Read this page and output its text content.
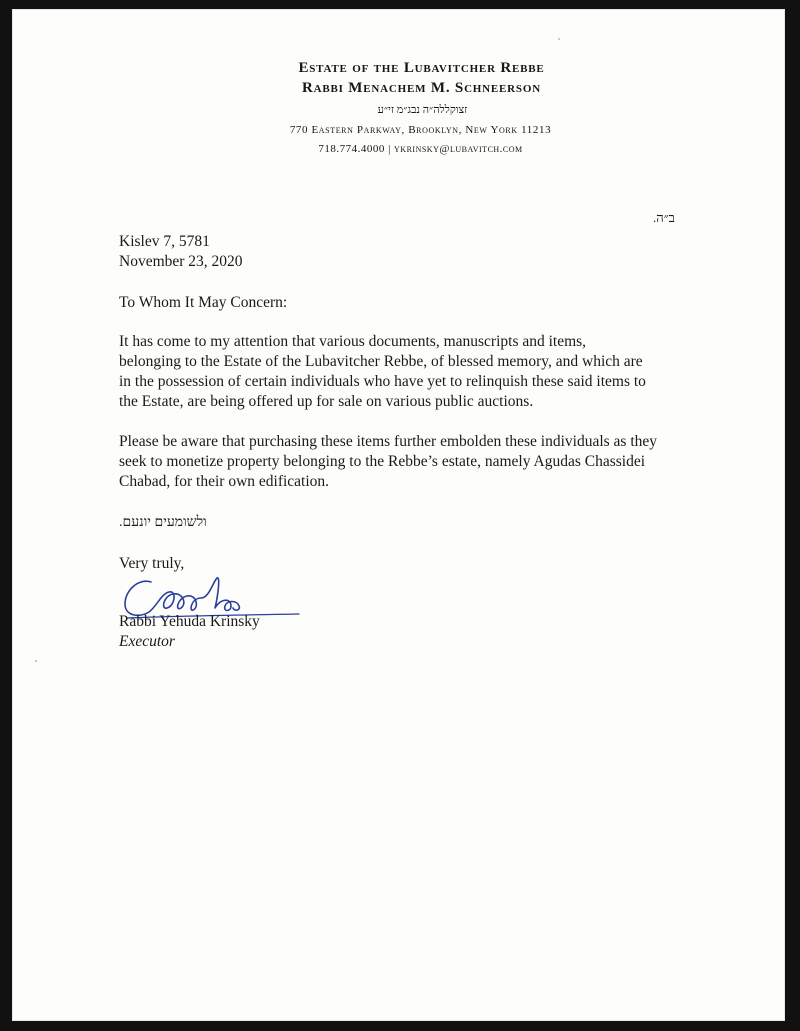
Estate of the Lubavitcher Rebbe
Rabbi Menachem M. Schneerson
זצוקללה״ה נבג״מ זי״ע
770 Eastern Parkway, Brooklyn, New York 11213
718.774.4000 | ykrinsky@lubavitch.com
ב״ה.
Kislev 7, 5781
November 23, 2020
To Whom It May Concern:
It has come to my attention that various documents, manuscripts and items,
belonging to the Estate of the Lubavitcher Rebbe, of blessed memory, and which are
in the possession of certain individuals who have yet to relinquish these said items to
the Estate, are being offered up for sale on various public auctions.
Please be aware that purchasing these items further embolden these individuals as they
seek to monetize property belonging to the Rebbe’s estate, namely Agudas Chassidei
Chabad, for their own edification.
ולשומעים יונעם.
Very truly,
Rabbi Yehuda Krinsky
Executor
